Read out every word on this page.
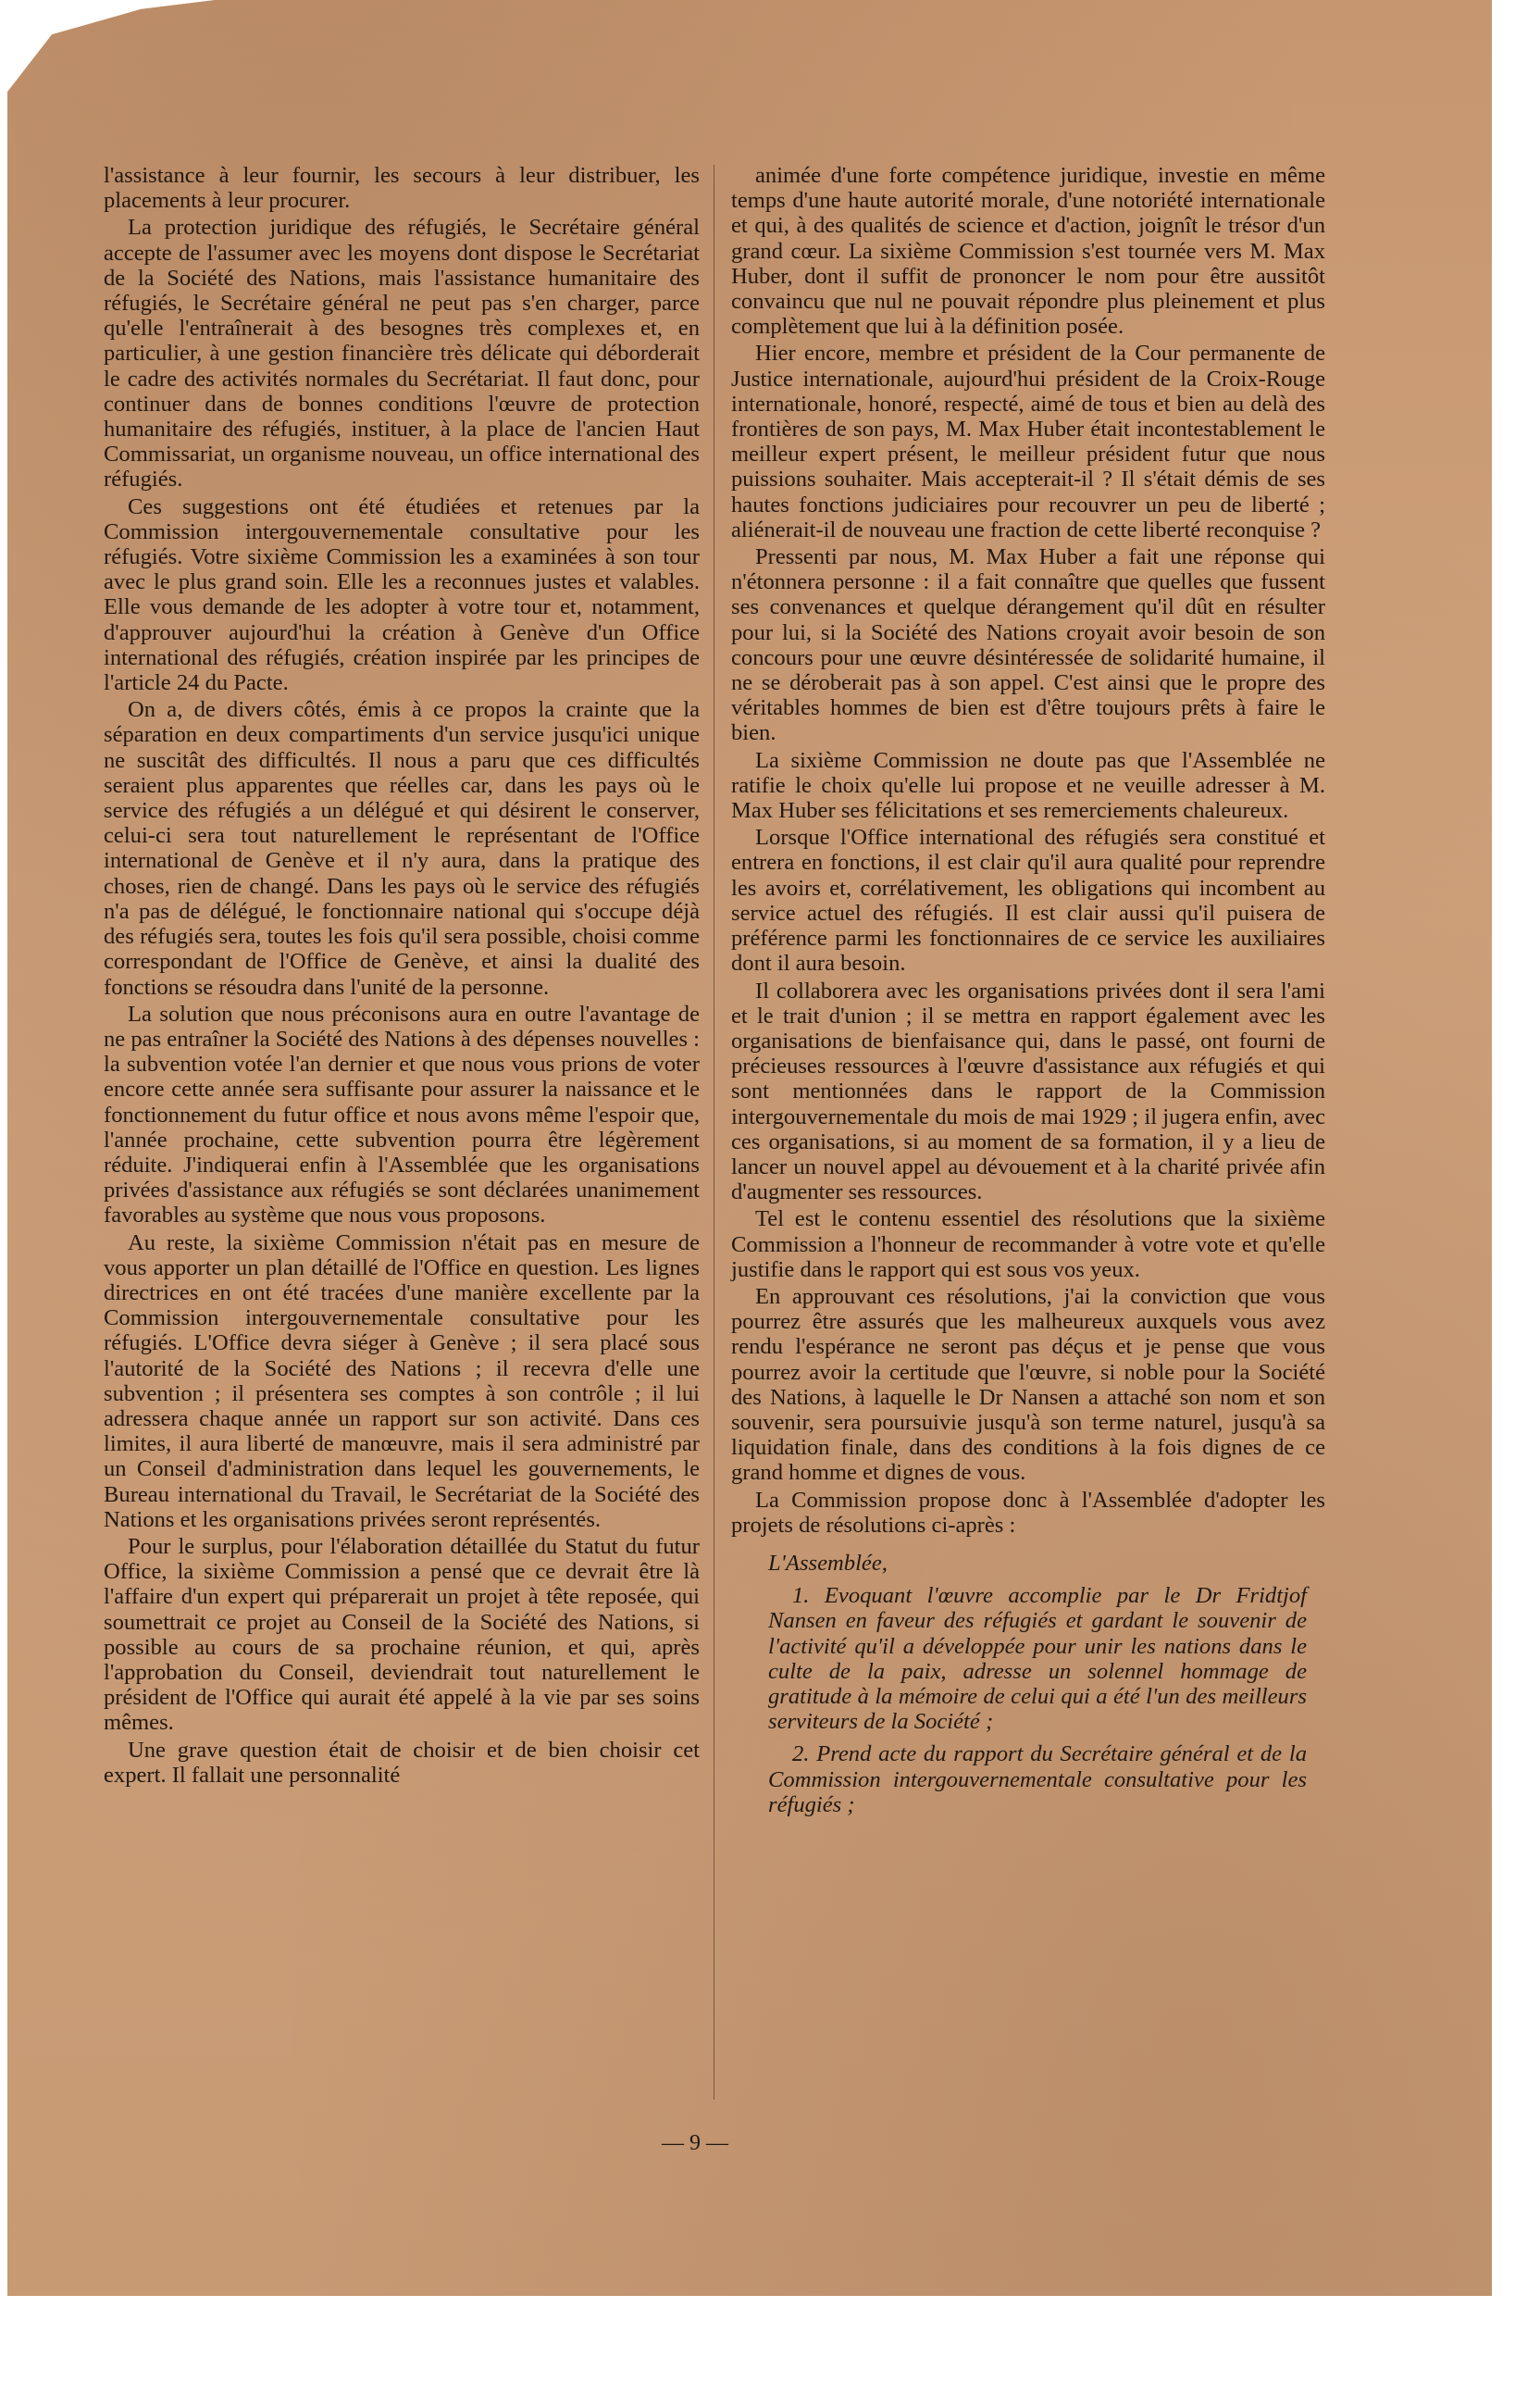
l'assistance à leur fournir, les secours à leur distribuer, les placements à leur procurer.

La protection juridique des réfugiés, le Secrétaire général accepte de l'assumer avec les moyens dont dispose le Secrétariat de la Société des Nations, mais l'assistance humanitaire des réfugiés, le Secrétaire général ne peut pas s'en charger, parce qu'elle l'entraînerait à des besognes très complexes et, en particulier, à une gestion financière très délicate qui déborderait le cadre des activités normales du Secrétariat. Il faut donc, pour continuer dans de bonnes conditions l'œuvre de protection humanitaire des réfugiés, instituer, à la place de l'ancien Haut Commissariat, un organisme nouveau, un office international des réfugiés.

Ces suggestions ont été étudiées et retenues par la Commission intergouvernementale consultative pour les réfugiés. Votre sixième Commission les a examinées à son tour avec le plus grand soin. Elle les a reconnues justes et valables. Elle vous demande de les adopter à votre tour et, notamment, d'approuver aujourd'hui la création à Genève d'un Office international des réfugiés, création inspirée par les principes de l'article 24 du Pacte.

On a, de divers côtés, émis à ce propos la crainte que la séparation en deux compartiments d'un service jusqu'ici unique ne suscitât des difficultés. Il nous a paru que ces difficultés seraient plus apparentes que réelles car, dans les pays où le service des réfugiés a un délégué et qui désirent le conserver, celui-ci sera tout naturellement le représentant de l'Office international de Genève et il n'y aura, dans la pratique des choses, rien de changé. Dans les pays où le service des réfugiés n'a pas de délégué, le fonctionnaire national qui s'occupe déjà des réfugiés sera, toutes les fois qu'il sera possible, choisi comme correspondant de l'Office de Genève, et ainsi la dualité des fonctions se résoudra dans l'unité de la personne.

La solution que nous préconisons aura en outre l'avantage de ne pas entraîner la Société des Nations à des dépenses nouvelles : la subvention votée l'an dernier et que nous vous prions de voter encore cette année sera suffisante pour assurer la naissance et le fonctionnement du futur office et nous avons même l'espoir que, l'année prochaine, cette subvention pourra être légèrement réduite. J'indiquerai enfin à l'Assemblée que les organisations privées d'assistance aux réfugiés se sont déclarées unanimement favorables au système que nous vous proposons.

Au reste, la sixième Commission n'était pas en mesure de vous apporter un plan détaillé de l'Office en question. Les lignes directrices en ont été tracées d'une manière excellente par la Commission intergouvernementale consultative pour les réfugiés. L'Office devra siéger à Genève ; il sera placé sous l'autorité de la Société des Nations ; il recevra d'elle une subvention ; il présentera ses comptes à son contrôle ; il lui adressera chaque année un rapport sur son activité. Dans ces limites, il aura liberté de manœuvre, mais il sera administré par un Conseil d'administration dans lequel les gouvernements, le Bureau international du Travail, le Secrétariat de la Société des Nations et les organisations privées seront représentés.

Pour le surplus, pour l'élaboration détaillée du Statut du futur Office, la sixième Commission a pensé que ce devrait être là l'affaire d'un expert qui préparerait un projet à tête reposée, qui soumettrait ce projet au Conseil de la Société des Nations, si possible au cours de sa prochaine réunion, et qui, après l'approbation du Conseil, deviendrait tout naturellement le président de l'Office qui aurait été appelé à la vie par ses soins mêmes.

Une grave question était de choisir et de bien choisir cet expert. Il fallait une personnalité

animée d'une forte compétence juridique, investie en même temps d'une haute autorité morale, d'une notoriété internationale et qui, à des qualités de science et d'action, joignît le trésor d'un grand cœur. La sixième Commission s'est tournée vers M. Max Huber, dont il suffit de prononcer le nom pour être aussitôt convaincu que nul ne pouvait répondre plus pleinement et plus complètement que lui à la définition posée.

Hier encore, membre et président de la Cour permanente de Justice internationale, aujourd'hui président de la Croix-Rouge internationale, honoré, respecté, aimé de tous et bien au delà des frontières de son pays, M. Max Huber était incontestablement le meilleur expert présent, le meilleur président futur que nous puissions souhaiter. Mais accepterait-il ? Il s'était démis de ses hautes fonctions judiciaires pour recouvrer un peu de liberté ; aliénerait-il de nouveau une fraction de cette liberté reconquise ?

Pressenti par nous, M. Max Huber a fait une réponse qui n'étonnera personne : il a fait connaître que quelles que fussent ses convenances et quelque dérangement qu'il dût en résulter pour lui, si la Société des Nations croyait avoir besoin de son concours pour une œuvre désintéressée de solidarité humaine, il ne se déroberait pas à son appel. C'est ainsi que le propre des véritables hommes de bien est d'être toujours prêts à faire le bien.

La sixième Commission ne doute pas que l'Assemblée ne ratifie le choix qu'elle lui propose et ne veuille adresser à M. Max Huber ses félicitations et ses remerciements chaleureux.

Lorsque l'Office international des réfugiés sera constitué et entrera en fonctions, il est clair qu'il aura qualité pour reprendre les avoirs et, corrélativement, les obligations qui incombent au service actuel des réfugiés. Il est clair aussi qu'il puisera de préférence parmi les fonctionnaires de ce service les auxiliaires dont il aura besoin.

Il collaborera avec les organisations privées dont il sera l'ami et le trait d'union ; il se mettra en rapport également avec les organisations de bienfaisance qui, dans le passé, ont fourni de précieuses ressources à l'œuvre d'assistance aux réfugiés et qui sont mentionnées dans le rapport de la Commission intergouvernementale du mois de mai 1929 ; il jugera enfin, avec ces organisations, si au moment de sa formation, il y a lieu de lancer un nouvel appel au dévouement et à la charité privée afin d'augmenter ses ressources.

Tel est le contenu essentiel des résolutions que la sixième Commission a l'honneur de recommander à votre vote et qu'elle justifie dans le rapport qui est sous vos yeux.

En approuvant ces résolutions, j'ai la conviction que vous pourrez être assurés que les malheureux auxquels vous avez rendu l'espérance ne seront pas déçus et je pense que vous pourrez avoir la certitude que l'œuvre, si noble pour la Société des Nations, à laquelle le Dr Nansen a attaché son nom et son souvenir, sera poursuivie jusqu'à son terme naturel, jusqu'à sa liquidation finale, dans des conditions à la fois dignes de ce grand homme et dignes de vous.

La Commission propose donc à l'Assemblée d'adopter les projets de résolutions ci-après :

L'Assemblée,

1. Evoquant l'œuvre accomplie par le Dr Fridtjof Nansen en faveur des réfugiés et gardant le souvenir de l'activité qu'il a développée pour unir les nations dans le culte de la paix, adresse un solennel hommage de gratitude à la mémoire de celui qui a été l'un des meilleurs serviteurs de la Société ;

2. Prend acte du rapport du Secrétaire général et de la Commission intergouvernementale consultative pour les réfugiés ;

— 9 —
